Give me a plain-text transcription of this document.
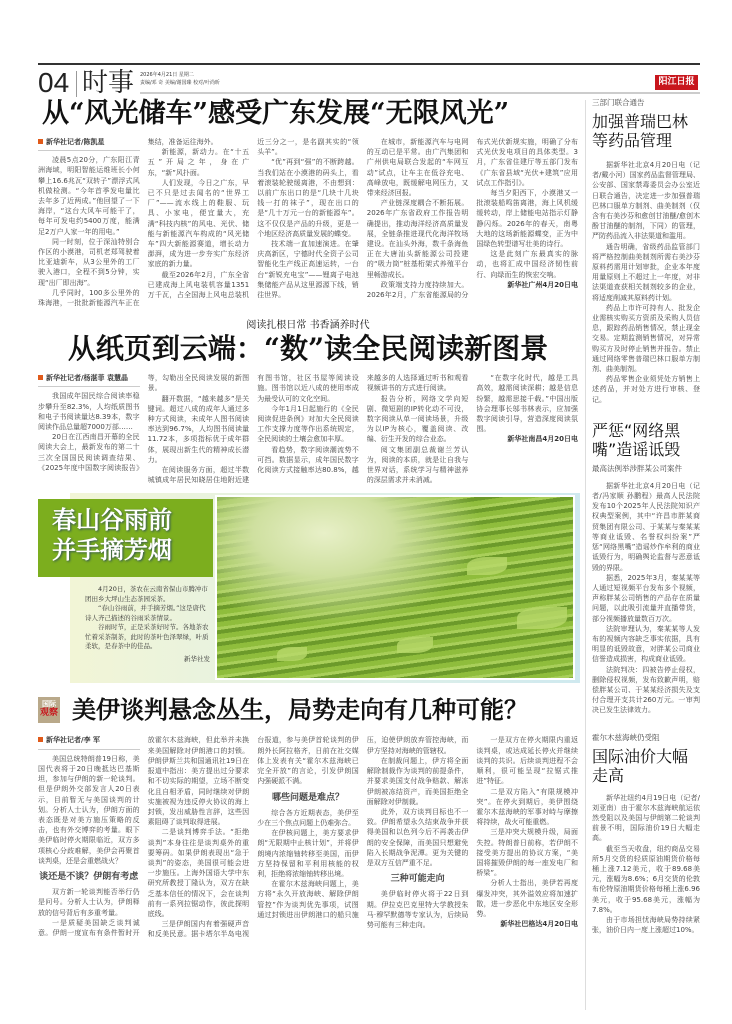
04 时事 2026年4月21日 星期二
责编/邓 奇 美编/谢国臻 校对/叶尚昕	阳江日报
从“风光储车”感受广东发展“无限风光”

新华社记者/陈凯星

凌晨5点20分，广东阳江青洲海域，明阳智能运维班长小何攀上16.6兆瓦“双转子”漂浮式风机做检测。“今年首季发电量比去年多了近两成。”他回望了一下海岸，“这台大风车可能干了，每年可发电约5400万度，能满足2万户人家一年的用电。”

同一时刻，位于深汕特别合作区的小漠港，司机老郑驾驶着比亚迪新车，从3公里外的工厂驶入港口，全程不到5分钟，实现“出厂即出海”。

几乎同时，100多公里外的珠海港，一批批新能源汽车正在集结，准备运往海外。

新能源，新动力。在“十五五”开局之年，身在广东，“新”风扑面。

人们发现，今日之广东，早已不只是过去闻名的“世界工厂”——流水线上的鞋服、玩具、小家电，便宜量大，充满“科技内核”的风电、光伏、储能与新能源汽车构成的“风光储车”四大新能源赛道，增长动力澎湃，成为进一步夯实广东经济家底的新力量。

截至2026年2月，广东全省已建成海上风电装机容量1351万千瓦，占全国海上风电总装机近三分之一，是名副其实的“领头羊”。

“优”再到“强”的不断跨越。当我们站在小漠港的码头上，看着滚装轮驶缓离港，不由想到：以前广东出口的是“几块十几块钱一打的袜子”，现在出口的是“几十万元一台的新能源车”。这不仅仅是产品的升级，更是一个地区经济高质量发展的蝶变。

技术端一直加速演进。在肇庆高新区，宁德时代全资子公司智能化生产线正高速运转，一台台“新锐充电宝”——锂离子电池集储能产品从这里源源下线，销往世界。

在城市，新能源汽车与电网的互动已是平常。由广汽集团和广州供电局联合发起的“车网互动”试点，让车主在低谷充电、高峰放电，既缓解电网压力，又带来经济回报。

产业链深度耦合不断拓展。2026年广东省政府工作报告明确提出，推动海洋经济高质量发展，全链条推进现代化海洋牧场建设。在汕头外海，数千条海鱼正在大唐汕头新能源公司投建的“吸力筒”桩基桁架式养殖平台里畅游成长。

政策端支持力度持续加大。2026年2月，广东省能源局的分布式光伏新规实施，明确了分布式光伏发电项目的具体类型。3月，广东省住建厅等五部门发布《广东省县域“光伏+建筑”应用试点工作指引》。

每当夕阳西下，小漠港又一批滚装船鸣笛离港，海上风机缓缓转动，岸上储能电站指示灯静静闪烁。2026年的春天，南粤大地的这场新能源蝶变，正为中国绿色转型谱写壮美的诗行。

这是此刻广东最真实的脉动，也将汇成中国经济韧性前行、向绿而生的恢宏交响。

新华社广州4月20日电

阅读扎根日常 书香涵养时代
从纸页到云端：“数”读全民阅读新图景

新华社记者/杨湛菲 袁慧晶

我国成年国民综合阅读率稳步攀升至82.3%，人均纸质图书和电子书阅读量达8.39本，数字阅读作品总量超7000万部……

20日在江西南昌开幕的全民阅读大会上，最新发布的第二十三次全国国民阅读调查结果、《2025年度中国数字阅读报告》等，勾勒出全民阅读发展的新图景。

翻开数据，“越来越多”是关键词。超过八成的成年人通过多种方式阅读，未成年人图书阅读率达到96.7%，人均图书阅读量11.72本，多项指标优于成年群体，展现出新生代的精神成长潜力。

在阅读服务方面，超过半数城镇成年居民知晓居住地附近建有图书馆，社区书屋等阅读设施。图书馆以近八成的使用率成为最受认可的文化空间。

今年1月1日起施行的《全民阅读促进条例》对加大全民阅读工作支撑力度等作出系统规定，全民阅读的土壤会愈加丰厚。

看趋势，数字阅读潮流势不可挡。数据显示，成年国民数字化阅读方式接触率达80.8%，越来越多的人选择通过听书和观看视频讲书的方式进行阅读。

报告分析，网络文学向短剧、微短剧的IP转化动不可没，数字阅读从单一阅读场景，升级为以IP为核心，覆盖阅读、改编、衍生开发的综合业态。

阅文集团副总裁谢兰芳认为，阅读的本质，就是让自我与世界对话，系统学习与精神滋养的深层需求并未消减。

“在数字化时代，越是工具高效，越需阅读深耕；越是信息纷繁，越需思接千载。”中国出版协会理事长邬书林表示，应加强数字阅读引导，营造深度阅读氛围。

新华社南昌4月20日电

春山谷雨前
并手摘芳烟

4月20日，茶农在云南省保山市腾冲市团田乡大坪山生态茶园采茶。

“春山谷雨前，并手摘芳烟。”这是唐代诗人齐己描述的谷雨采茶情景。

谷雨时节，正是采茶好时节。各地茶农忙着采茶制茶，此时的茶叶色泽翠绿，叶质柔软，是春茶中的佳品。

新华社发

国际
观察 美伊谈判悬念丛生，局势走向有几种可能？

新华社记者/李 军

美国总统特朗普19日称，美国代表将于20日晚抵达巴基斯坦，参加与伊朗的新一轮谈判。但是伊朗外交部发言人20日表示，目前暂无与美国谈判的计划。分析人士认为，伊朗方面的表态既是对美方施压策略的反击，也有外交博弈的考量。眼下美伊临时停火期限临近，双方多项核心分歧难解，美伊会再聚首谈判桌，还是会重燃战火？

谈还是不谈？伊朗有考虑

双方新一轮谈判能否举行仍是问号。分析人士认为，伊朗释放的信号背后有多重考量。

一是质疑美国缺乏谈判诚意。伊朗一度宣布有条件暂时开放霍尔木兹海峡，但此举并未换来美国解除对伊朗港口的封锁。伊朗伊斯兰共和国通讯社19日在报道中指出：美方提出过分要求和不切实际的期望，立场不断变化且自相矛盾，同时继续对伊朗实施被视为违反停火协议的海上封锁，发出威胁性言辞，这些因素阻碍了谈判取得进展。

二是谈判博弈手法。“拒绝谈判”本身往往是谈判桌外的重要筹码。如果伊朗表现出“急于谈判”的姿态，美国很可能会进一步施压。上海外国语大学中东研究所教授丁隆认为，双方在缺乏基本信任的情况下，会在谈判前有一系列拉锯动作，彼此探明底线。

三是伊朗国内有着强硬声音和反美民意。据卡塔尔半岛电视台报道，参与美伊首轮谈判的伊朗外长阿拉格齐，日前在社交媒体上发表有关“霍尔木兹海峡已完全开放”的言论，引发伊朗国内强硬派不满。

哪些问题是难点？

综合各方近期表态，美伊至少在三个焦点问题上仍难弥合。

在伊核问题上，美方要求伊朗“无限期中止核计划”，并将伊朗境内浓缩铀转移至美国，而伊方坚持保留和平利用核能的权利，拒绝将浓缩铀转移出境。

在霍尔木兹海峡问题上，美方将“永久开放海峡、解除伊朗管控”作为谈判优先事项，试图通过封锁进出伊朗港口的船只施压，迫使伊朗放弃管控海峡，而伊方坚持对海峡的管辖权。

在制裁问题上，伊方将全面解除制裁作为谈判的前提条件，并要求美国支付战争赔款、解冻伊朗被冻结资产，而美国拒绝全面解除对伊制裁。

此外，双方谈判目标也不一致。伊朗希望永久结束战争并获得美国和以色列今后不再袭击伊朗的安全保障，而美国只想避免陷入长期战争泥潭。更为关键的是双方互信严重不足。

三种可能走向

美伊临时停火将于22日到期。伊拉克巴克里特大学教授朱马·穆罕默德等专家认为，后续局势可能有三种走向。

一是双方在停火期限内重返谈判桌，或达成延长停火并继续谈判的共识。后续谈判进程不会顺利，很可能呈现“拉锯式推进”特征。

二是双方陷入“有限规模冲突”。在停火到期后，美伊围绕霍尔木兹海峡的军事对峙与摩擦将持续，战火可能重燃。

三是冲突大规模升级，局面失控。特朗普日前称，若伊朗不接受美方提出的协议方案，“美国将摧毁伊朗的每一座发电厂和桥梁”。

分析人士指出，美伊若再度爆发冲突，其外溢效应将加速扩散，进一步恶化中东地区安全形势。

新华社巴格达4月20日电

三部门联合通告
加强普瑞巴林等药品管理

据新华社北京4月20日电（记者/戴小河）国家药品监督管理局、公安部、国家禁毒委员会办公室近日联合通告，决定进一步加强普瑞巴林口服单方制剂、曲美制剂（仅含有右美沙芬和愈创甘油醚/愈创木酚甘油醚的制剂，下同）的管理，严防药品流入非法渠道和滥用。

通告明确，省级药品监管部门将严格控制曲美制剂所需右美沙芬原料药需用计划审批，企业本年度用量原则上不超过上一年度，对非法渠道查获相关制剂较多的企业，将适度削减其原料药计划。

药品上市许可持有人、批发企业需核实购买方资质及采购人员信息，跟踪药品销售情况，禁止现金交易。定期监测销售情况，对异常购买方及时停止销售并报告。禁止通过网络零售普瑞巴林口服单方制剂、曲美制剂。

药品零售企业须凭处方销售上述药品，并对处方进行审核、登记。

严惩“网络黑嘴”造谣诋毁
最高法例举涉胖某公司案件

据新华社北京4月20日电（记者/冯家顺 孙鹏程）最高人民法院发布10个2025年人民法院知识产权典型案例，其中“许昌市胖某商贸集团有限公司、于某某与秦某某等商业诋毁、名誉权纠纷案”严惩“网络黑嘴”造谣炒作牟利的商业诋毁行为，明确舆论监督与恶意诋毁的界限。

据悉，2025年3月，秦某某等人通过短视频平台发布多个视频，声称胖某公司销售的产品存在质量问题，以此吸引流量并直播带货，部分视频播放量数百万次。

法院审理认为，秦某某等人发布的视频内容缺乏事实依据，具有明显的诋毁故意，对胖某公司商业信誉造成损害，构成商业诋毁。

法院判决：四被告停止侵权，删除侵权视频，发布致歉声明，赔偿胖某公司、于某某经济损失及支付合理开支共计260万元。一审判决已发生法律效力。

霍尔木兹海峡仍受阻
国际油价大幅走高

新华社纽约4月19日电（记者/刘亚南）由于霍尔木兹海峡航运依然受阻以及美国与伊朗第二轮谈判前景不明，国际油价19日大幅走高。

截至当天收盘，纽约商品交易所5月交货的轻质原油期货价格每桶上涨7.12美元，收于89.68美元，涨幅为8.6%；6月交货的伦敦布伦特原油期货价格每桶上涨6.96美元，收于95.68美元，涨幅为7.8%。

由于市场担忧海峡局势持续紧张，油价日内一度上涨超过10%。
